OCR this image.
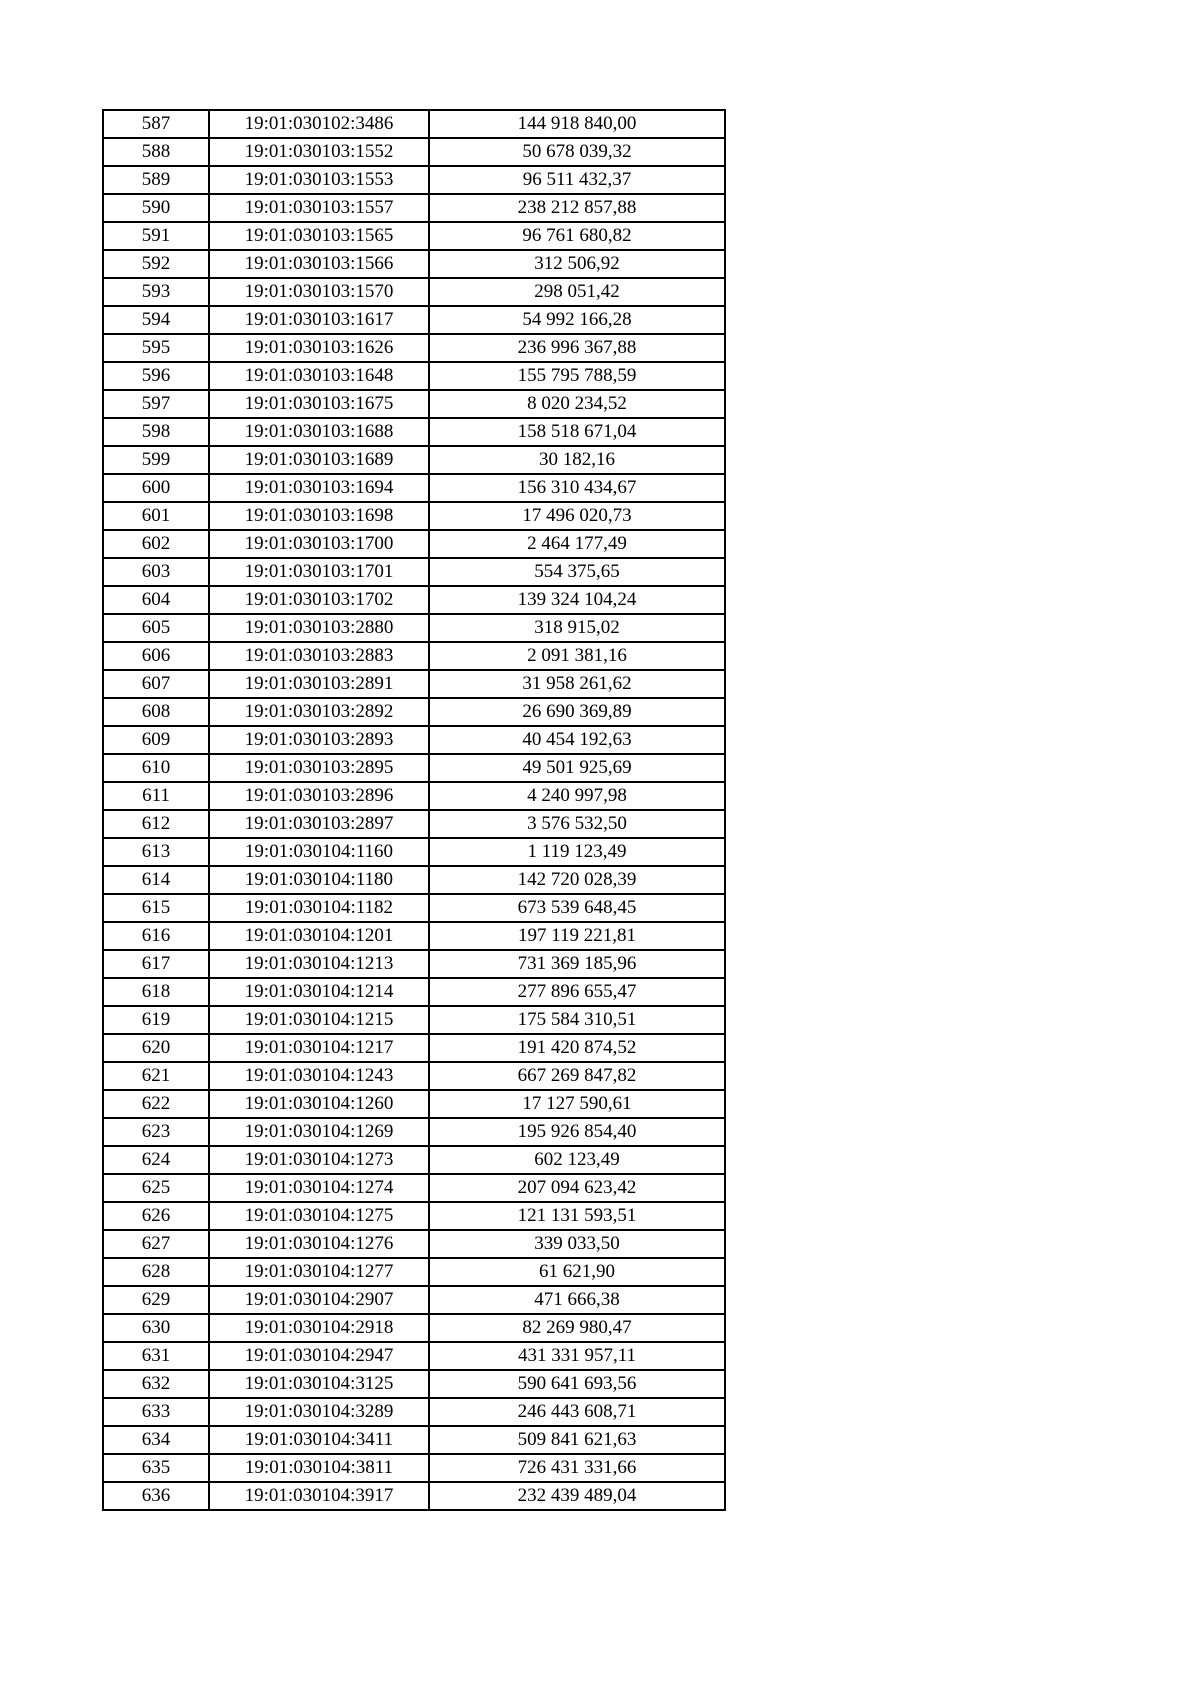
587	19:01:030102:3486	144 918 840,00
588	19:01:030103:1552	50 678 039,32
589	19:01:030103:1553	96 511 432,37
590	19:01:030103:1557	238 212 857,88
591	19:01:030103:1565	96 761 680,82
592	19:01:030103:1566	312 506,92
593	19:01:030103:1570	298 051,42
594	19:01:030103:1617	54 992 166,28
595	19:01:030103:1626	236 996 367,88
596	19:01:030103:1648	155 795 788,59
597	19:01:030103:1675	8 020 234,52
598	19:01:030103:1688	158 518 671,04
599	19:01:030103:1689	30 182,16
600	19:01:030103:1694	156 310 434,67
601	19:01:030103:1698	17 496 020,73
602	19:01:030103:1700	2 464 177,49
603	19:01:030103:1701	554 375,65
604	19:01:030103:1702	139 324 104,24
605	19:01:030103:2880	318 915,02
606	19:01:030103:2883	2 091 381,16
607	19:01:030103:2891	31 958 261,62
608	19:01:030103:2892	26 690 369,89
609	19:01:030103:2893	40 454 192,63
610	19:01:030103:2895	49 501 925,69
611	19:01:030103:2896	4 240 997,98
612	19:01:030103:2897	3 576 532,50
613	19:01:030104:1160	1 119 123,49
614	19:01:030104:1180	142 720 028,39
615	19:01:030104:1182	673 539 648,45
616	19:01:030104:1201	197 119 221,81
617	19:01:030104:1213	731 369 185,96
618	19:01:030104:1214	277 896 655,47
619	19:01:030104:1215	175 584 310,51
620	19:01:030104:1217	191 420 874,52
621	19:01:030104:1243	667 269 847,82
622	19:01:030104:1260	17 127 590,61
623	19:01:030104:1269	195 926 854,40
624	19:01:030104:1273	602 123,49
625	19:01:030104:1274	207 094 623,42
626	19:01:030104:1275	121 131 593,51
627	19:01:030104:1276	339 033,50
628	19:01:030104:1277	61 621,90
629	19:01:030104:2907	471 666,38
630	19:01:030104:2918	82 269 980,47
631	19:01:030104:2947	431 331 957,11
632	19:01:030104:3125	590 641 693,56
633	19:01:030104:3289	246 443 608,71
634	19:01:030104:3411	509 841 621,63
635	19:01:030104:3811	726 431 331,66
636	19:01:030104:3917	232 439 489,04
